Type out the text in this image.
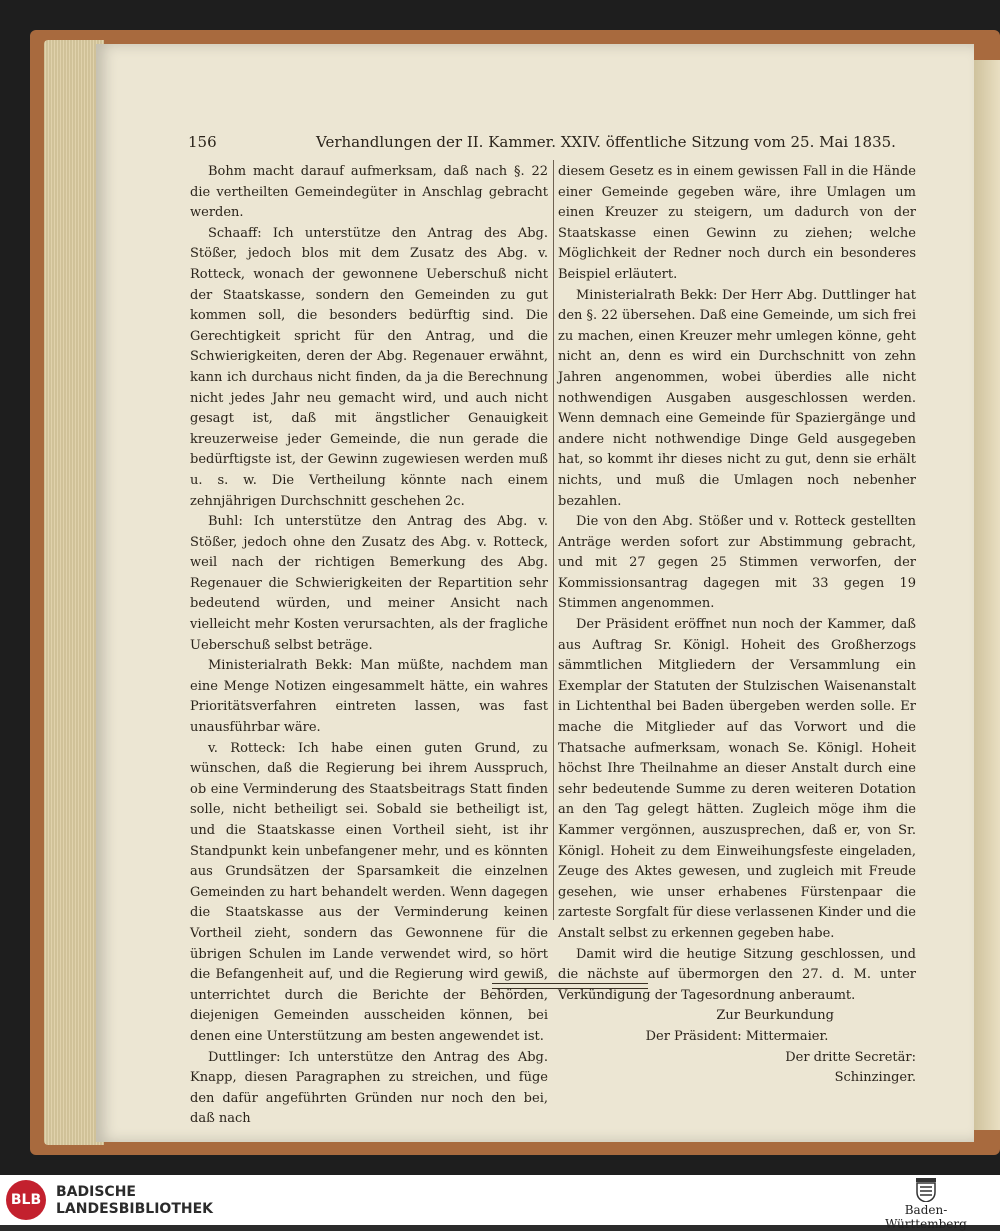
156	Verhandlungen der II. Kammer. XXIV. öffentliche Sitzung vom 25. Mai 1835.

Bohm macht darauf aufmerksam, daß nach §. 22 die vertheilten Gemeindegüter in Anschlag gebracht werden.

Schaaff: Ich unterstütze den Antrag des Abg. Stößer, jedoch blos mit dem Zusatz des Abg. v. Rotteck, wonach der gewonnene Ueberschuß nicht der Staatskasse, sondern den Gemeinden zu gut kommen soll, die besonders bedürftig sind. Die Gerechtigkeit spricht für den Antrag, und die Schwierigkeiten, deren der Abg. Regenauer erwähnt, kann ich durchaus nicht finden, da ja die Berechnung nicht jedes Jahr neu gemacht wird, und auch nicht gesagt ist, daß mit ängstlicher Genauigkeit kreuzerweise jeder Gemeinde, die nun gerade die bedürftigste ist, der Gewinn zugewiesen werden muß u. s. w. Die Vertheilung könnte nach einem zehnjährigen Durchschnitt geschehen 2c.

Buhl: Ich unterstütze den Antrag des Abg. v. Stößer, jedoch ohne den Zusatz des Abg. v. Rotteck, weil nach der richtigen Bemerkung des Abg. Regenauer die Schwierigkeiten der Repartition sehr bedeutend würden, und meiner Ansicht nach vielleicht mehr Kosten verursachten, als der fragliche Ueberschuß selbst beträge.

Ministerialrath Bekk: Man müßte, nachdem man eine Menge Notizen eingesammelt hätte, ein wahres Prioritätsverfahren eintreten lassen, was fast unausführbar wäre.

v. Rotteck: Ich habe einen guten Grund, zu wünschen, daß die Regierung bei ihrem Ausspruch, ob eine Verminderung des Staatsbeitrags Statt finden solle, nicht betheiligt sei. Sobald sie betheiligt ist, und die Staatskasse einen Vortheil sieht, ist ihr Standpunkt kein unbefangener mehr, und es könnten aus Grundsätzen der Sparsamkeit die einzelnen Gemeinden zu hart behandelt werden. Wenn dagegen die Staatskasse aus der Verminderung keinen Vortheil zieht, sondern das Gewonnene für die übrigen Schulen im Lande verwendet wird, so hört die Befangenheit auf, und die Regierung wird gewiß, unterrichtet durch die Berichte der Behörden, diejenigen Gemeinden ausscheiden können, bei denen eine Unterstützung am besten angewendet ist.

Duttlinger: Ich unterstütze den Antrag des Abg. Knapp, diesen Paragraphen zu streichen, und füge den dafür angeführten Gründen nur noch den bei, daß nach

diesem Gesetz es in einem gewissen Fall in die Hände einer Gemeinde gegeben wäre, ihre Umlagen um einen Kreuzer zu steigern, um dadurch von der Staatskasse einen Gewinn zu ziehen; welche Möglichkeit der Redner noch durch ein besonderes Beispiel erläutert.

Ministerialrath Bekk: Der Herr Abg. Duttlinger hat den §. 22 übersehen. Daß eine Gemeinde, um sich frei zu machen, einen Kreuzer mehr umlegen könne, geht nicht an, denn es wird ein Durchschnitt von zehn Jahren angenommen, wobei überdies alle nicht nothwendigen Ausgaben ausgeschlossen werden. Wenn demnach eine Gemeinde für Spaziergänge und andere nicht nothwendige Dinge Geld ausgegeben hat, so kommt ihr dieses nicht zu gut, denn sie erhält nichts, und muß die Umlagen noch nebenher bezahlen.

Die von den Abg. Stößer und v. Rotteck gestellten Anträge werden sofort zur Abstimmung gebracht, und mit 27 gegen 25 Stimmen verworfen, der Kommissionsantrag dagegen mit 33 gegen 19 Stimmen angenommen.

Der Präsident eröffnet nun noch der Kammer, daß aus Auftrag Sr. Königl. Hoheit des Großherzogs sämmtlichen Mitgliedern der Versammlung ein Exemplar der Statuten der Stulzischen Waisenanstalt in Lichtenthal bei Baden übergeben werden solle. Er mache die Mitglieder auf das Vorwort und die Thatsache aufmerksam, wonach Se. Königl. Hoheit höchst Ihre Theilnahme an dieser Anstalt durch eine sehr bedeutende Summe zu deren weiteren Dotation an den Tag gelegt hätten. Zugleich möge ihm die Kammer vergönnen, auszusprechen, daß er, von Sr. Königl. Hoheit zu dem Einweihungsfeste eingeladen, Zeuge des Aktes gewesen, und zugleich mit Freude gesehen, wie unser erhabenes Fürstenpaar die zarteste Sorgfalt für diese verlassenen Kinder und die Anstalt selbst zu erkennen gegeben habe.

Damit wird die heutige Sitzung geschlossen, und die nächste auf übermorgen den 27. d. M. unter Verkündigung der Tagesordnung anberaumt.

Zur Beurkundung

Der Präsident: Mittermaier.

Der dritte Secretär:

Schinzinger.

BLB	BADISCHE
LANDESBIBLIOTHEK	Baden-Württemberg
